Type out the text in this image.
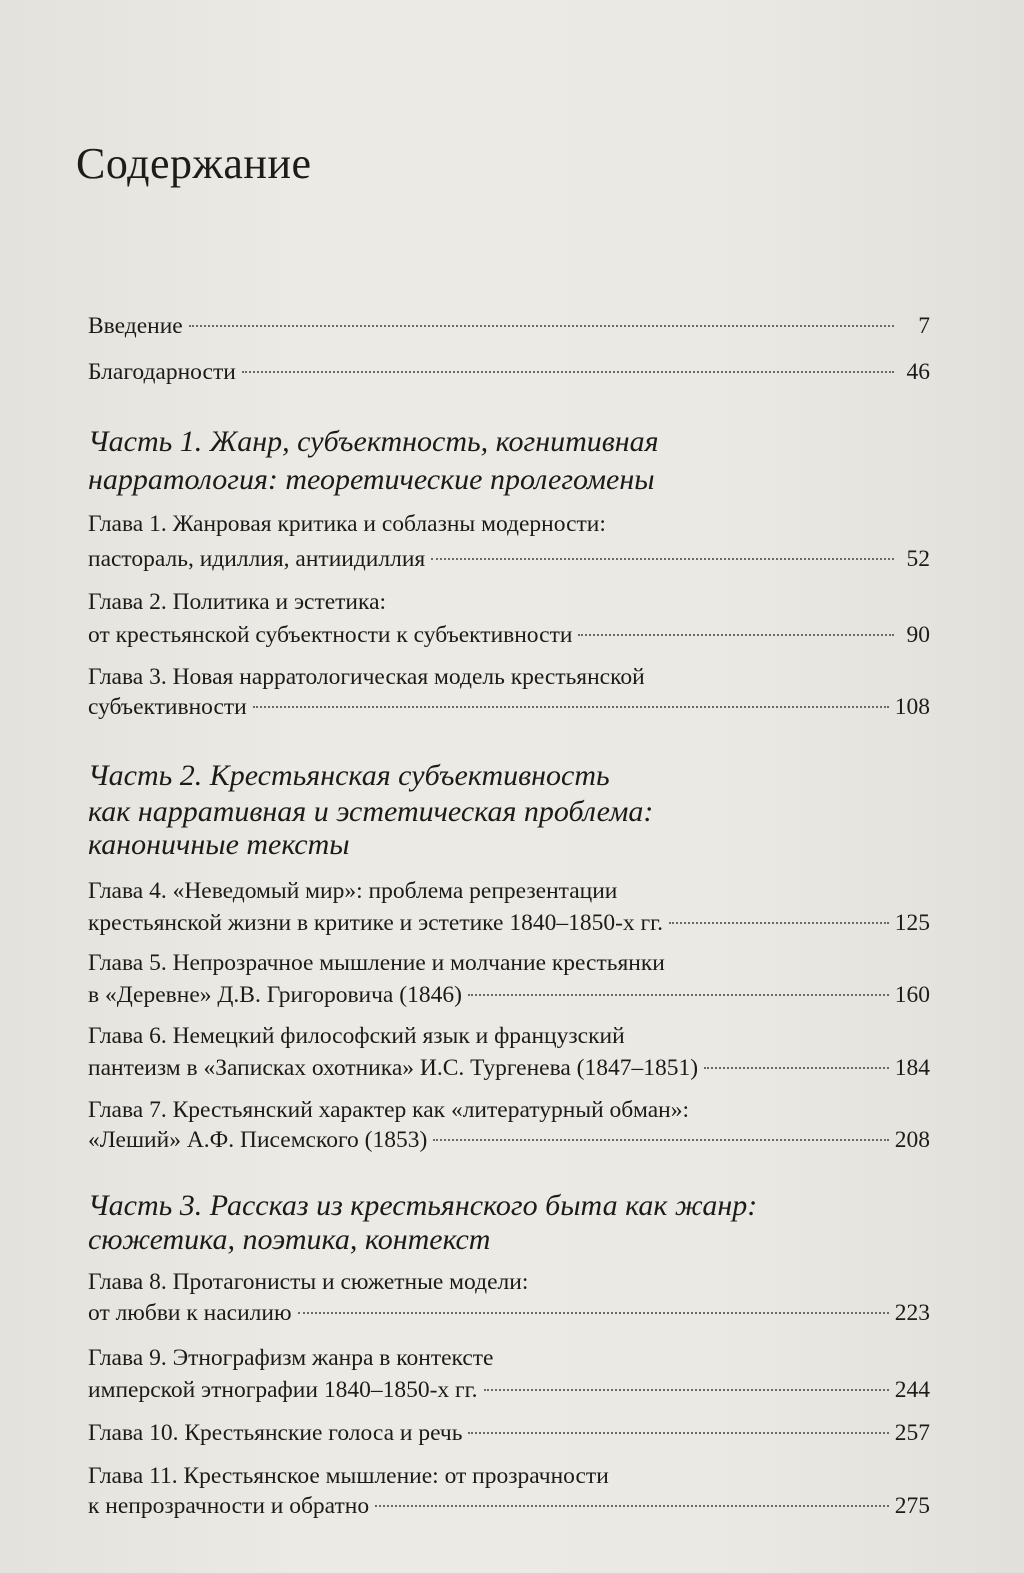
Содержание
Введение	7
Благодарности	46
Часть 1. Жанр, субъектность, когнитивная
нарратология: теоретические пролегомены
Глава 1. Жанровая критика и соблазны модерности:
пастораль, идиллия, антиидиллия	52
Глава 2. Политика и эстетика:
от крестьянской субъектности к субъективности	90
Глава 3. Новая нарратологическая модель крестьянской
субъективности	108
Часть 2. Крестьянская субъективность
как нарративная и эстетическая проблема:
каноничные тексты
Глава 4. «Неведомый мир»: проблема репрезентации
крестьянской жизни в критике и эстетике 1840–1850-х гг.	125
Глава 5. Непрозрачное мышление и молчание крестьянки
в «Деревне» Д.В. Григоровича (1846)	160
Глава 6. Немецкий философский язык и французский
пантеизм в «Записках охотника» И.С. Тургенева (1847–1851)	184
Глава 7. Крестьянский характер как «литературный обман»:
«Леший» А.Ф. Писемского (1853)	208
Часть 3. Рассказ из крестьянского быта как жанр:
сюжетика, поэтика, контекст
Глава 8. Протагонисты и сюжетные модели:
от любви к насилию	223
Глава 9. Этнографизм жанра в контексте
имперской этнографии 1840–1850-х гг.	244
Глава 10. Крестьянские голоса и речь	257
Глава 11. Крестьянское мышление: от прозрачности
к непрозрачности и обратно	275
